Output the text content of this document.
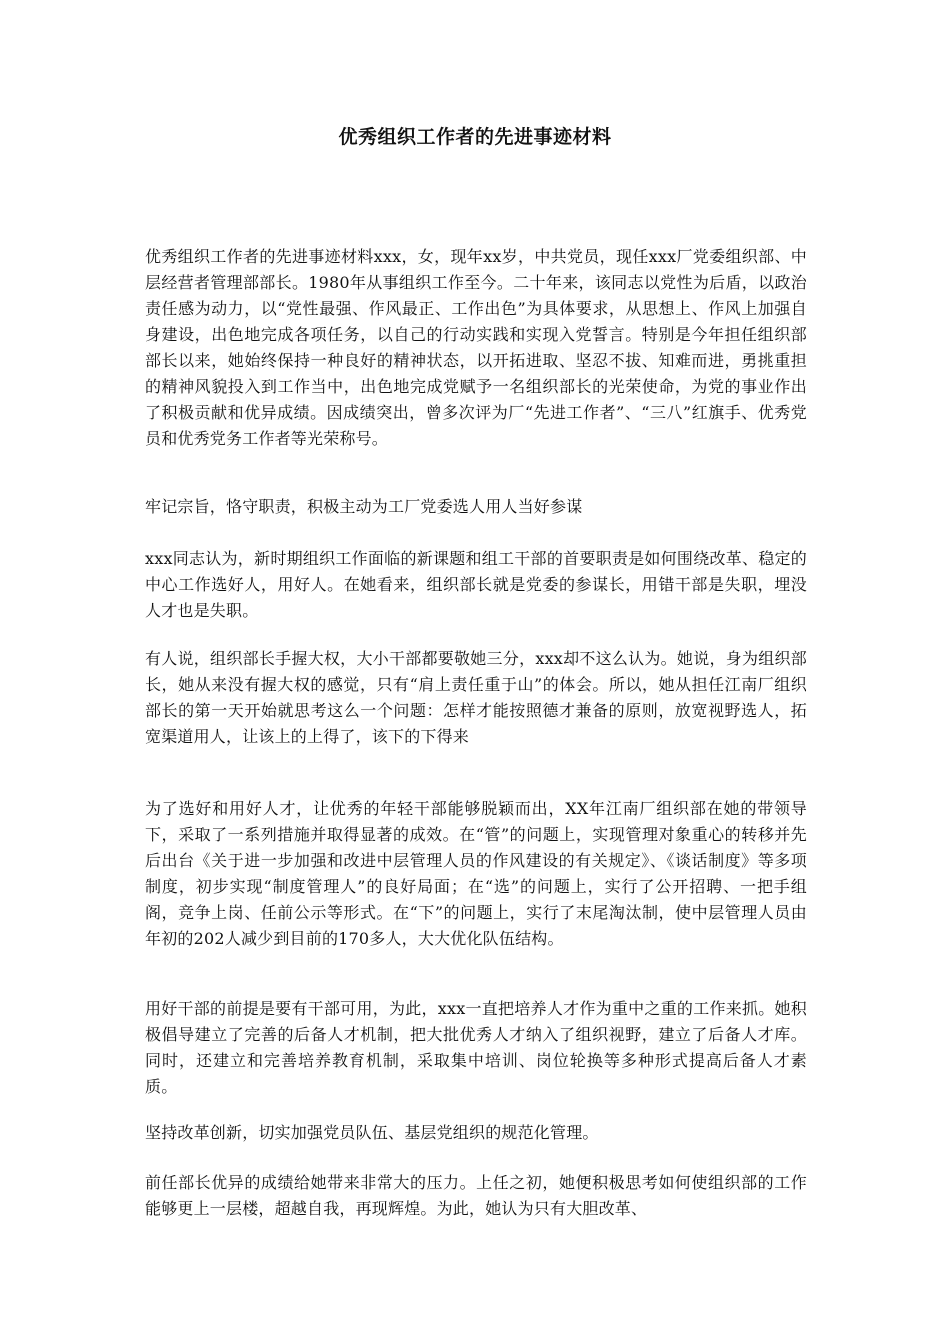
优秀组织工作者的先进事迹材料

优秀组织工作者的先进事迹材料xxx，女，现年xx岁，中共党员，现任xxx厂党委组织部、中层经营者管理部部长。1980年从事组织工作至今。二十年来，该同志以党性为后盾，以政治责任感为动力，以“党性最强、作风最正、工作出色”为具体要求，从思想上、作风上加强自身建设，出色地完成各项任务，以自己的行动实践和实现入党誓言。特别是今年担任组织部部长以来，她始终保持一种良好的精神状态，以开拓进取、坚忍不拔、知难而进，勇挑重担的精神风貌投入到工作当中，出色地完成党赋予一名组织部长的光荣使命，为党的事业作出了积极贡献和优异成绩。因成绩突出，曾多次评为厂“先进工作者”、“三八”红旗手、优秀党员和优秀党务工作者等光荣称号。

牢记宗旨，恪守职责，积极主动为工厂党委选人用人当好参谋

xxx同志认为，新时期组织工作面临的新课题和组工干部的首要职责是如何围绕改革、稳定的中心工作选好人，用好人。在她看来，组织部长就是党委的参谋长，用错干部是失职，埋没人才也是失职。

有人说，组织部长手握大权，大小干部都要敬她三分，xxx却不这么认为。她说，身为组织部长，她从来没有握大权的感觉，只有“肩上责任重于山”的体会。所以，她从担任江南厂组织部长的第一天开始就思考这么一个问题：怎样才能按照德才兼备的原则，放宽视野选人，拓宽渠道用人，让该上的上得了，该下的下得来

为了选好和用好人才，让优秀的年轻干部能够脱颖而出，XX年江南厂组织部在她的带领导下，采取了一系列措施并取得显著的成效。在“管”的问题上，实现管理对象重心的转移并先后出台《关于进一步加强和改进中层管理人员的作风建设的有关规定》、《谈话制度》等多项制度，初步实现“制度管理人”的良好局面；在“选”的问题上，实行了公开招聘、一把手组阁，竞争上岗、任前公示等形式。在“下”的问题上，实行了末尾淘汰制，使中层管理人员由年初的202人减少到目前的170多人，大大优化队伍结构。

用好干部的前提是要有干部可用，为此，xxx一直把培养人才作为重中之重的工作来抓。她积极倡导建立了完善的后备人才机制，把大批优秀人才纳入了组织视野，建立了后备人才库。同时，还建立和完善培养教育机制，采取集中培训、岗位轮换等多种形式提高后备人才素质。

坚持改革创新，切实加强党员队伍、基层党组织的规范化管理。

前任部长优异的成绩给她带来非常大的压力。上任之初，她便积极思考如何使组织部的工作能够更上一层楼，超越自我，再现辉煌。为此，她认为只有大胆改革、
